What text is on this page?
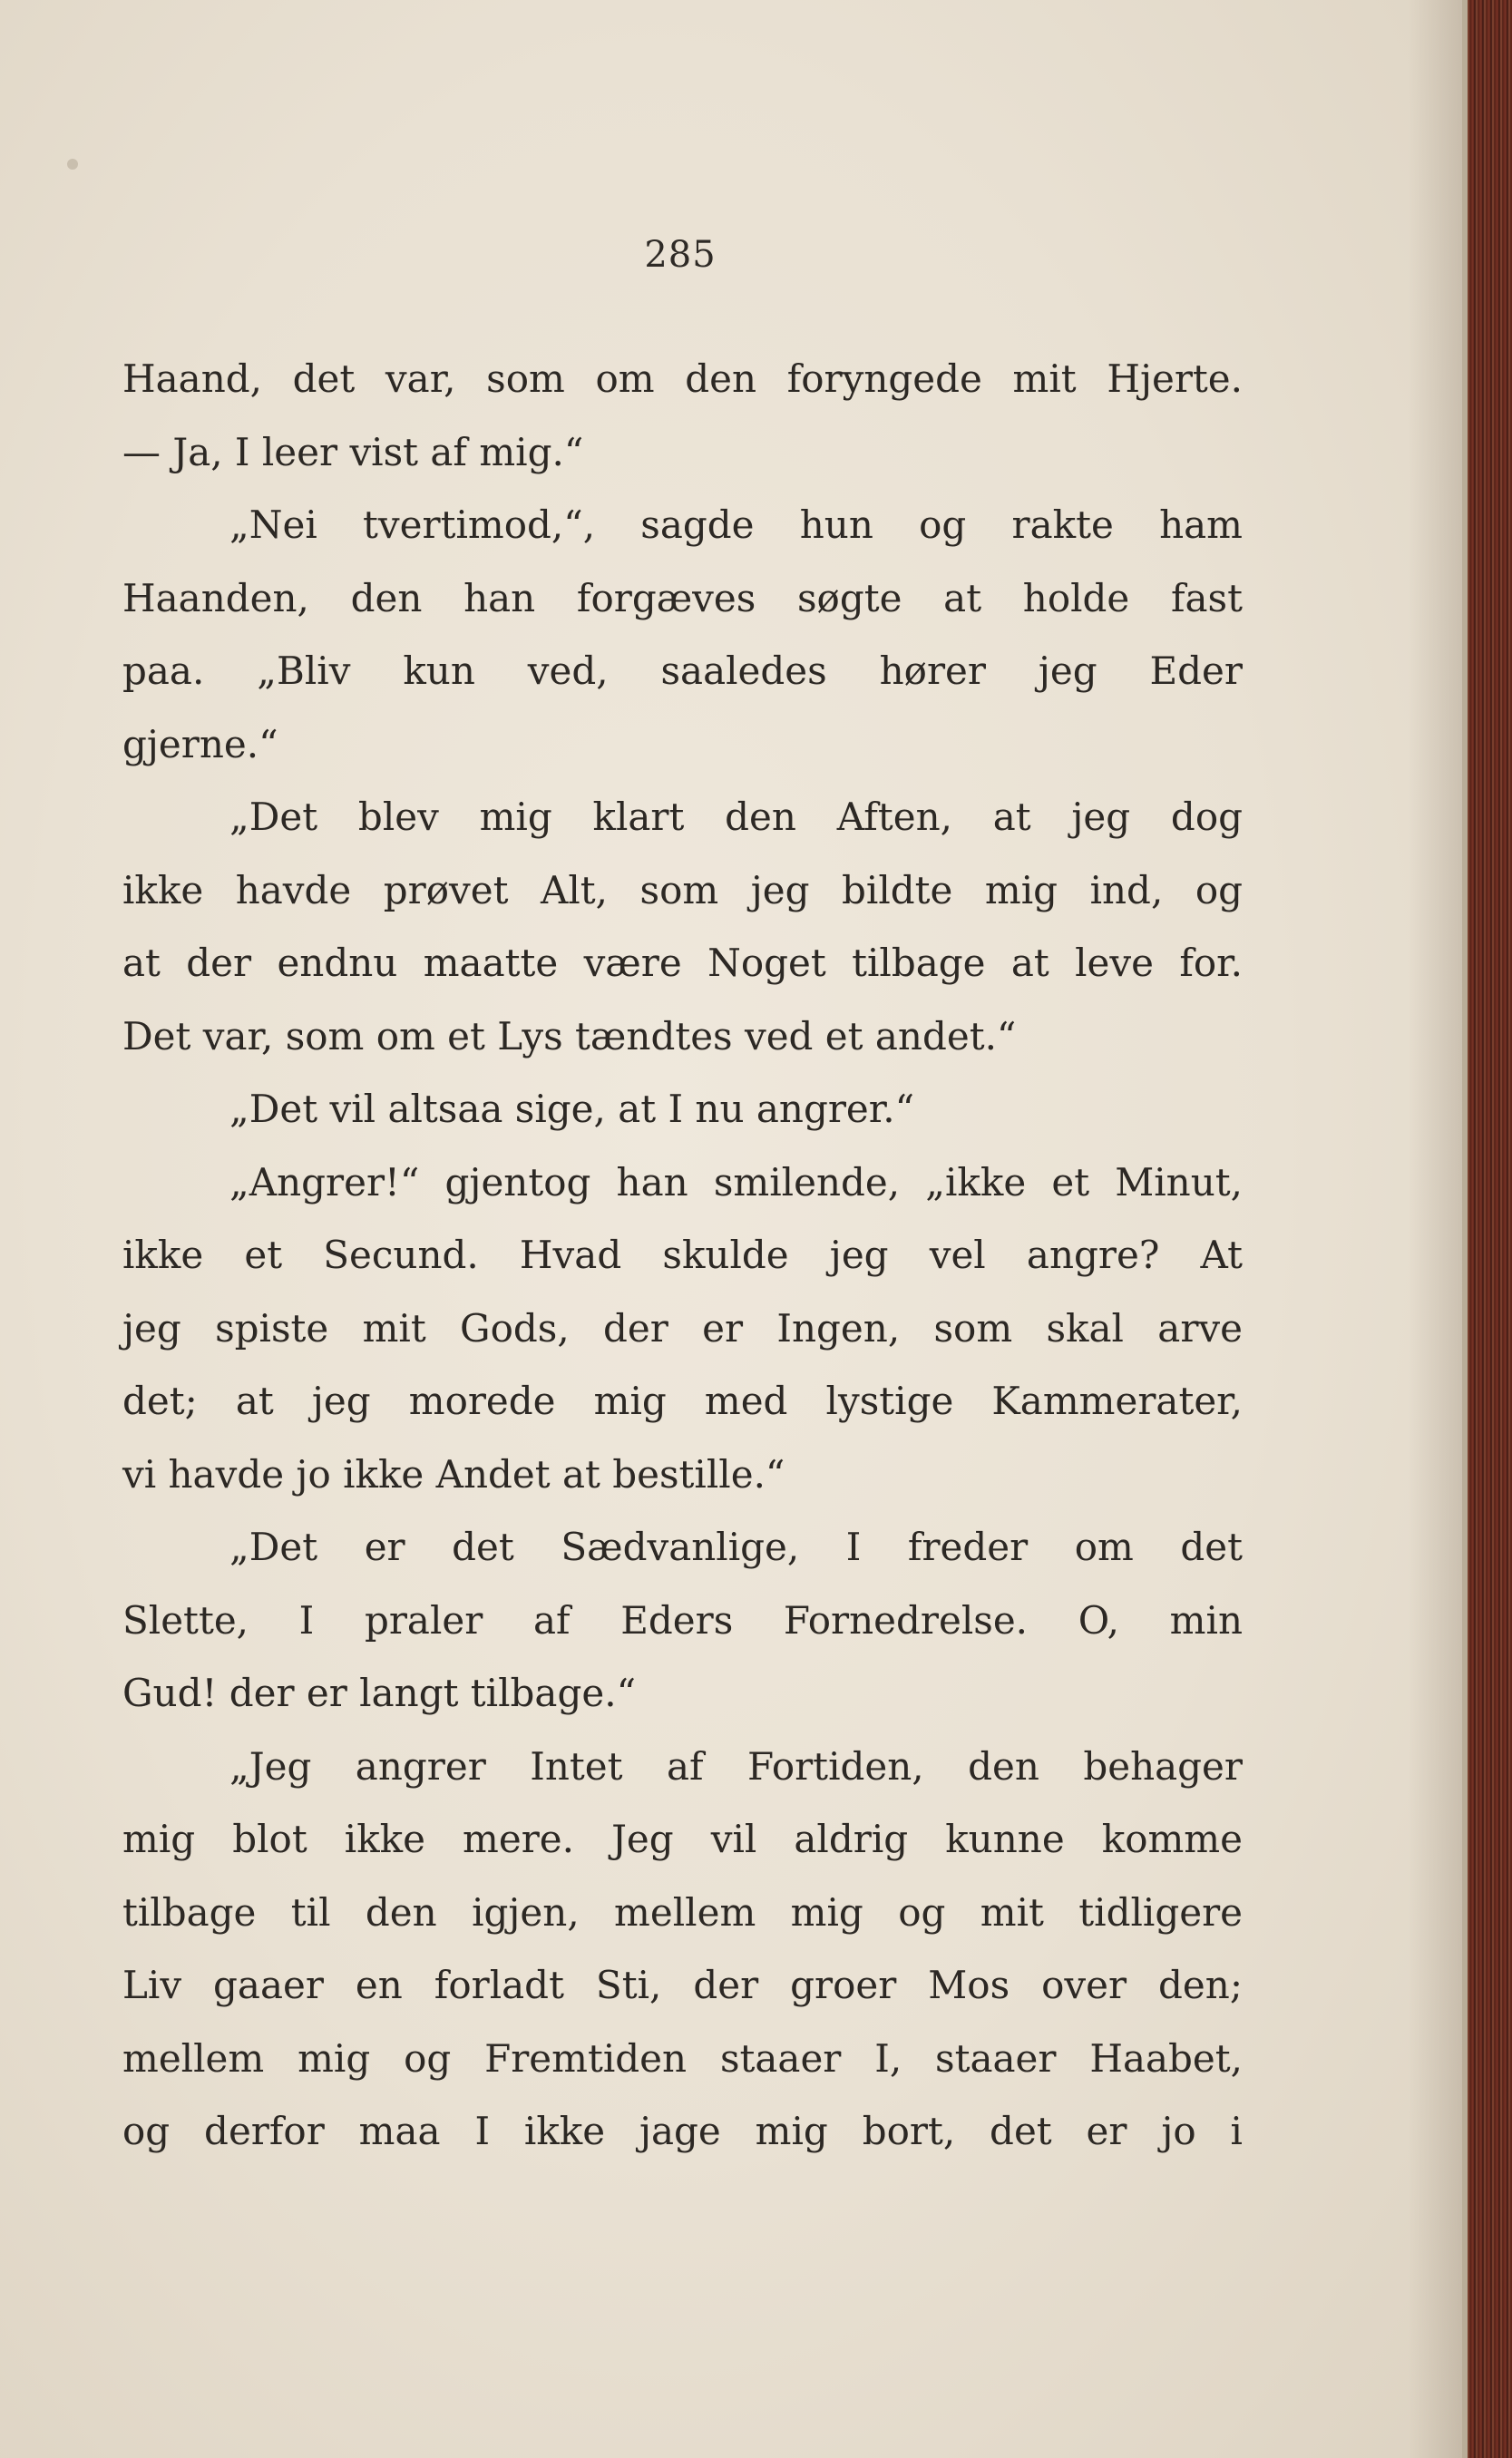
285
Haand, det var, som om den foryngede mit Hjerte.
— Ja, I leer vist af mig.“
„Nei tvertimod,“, sagde hun og rakte ham
Haanden, den han forgæves søgte at holde fast
paa. „Bliv kun ved, saaledes hører jeg Eder
gjerne.“
„Det blev mig klart den Aften, at jeg dog
ikke havde prøvet Alt, som jeg bildte mig ind, og
at der endnu maatte være Noget tilbage at leve for.
Det var, som om et Lys tændtes ved et andet.“
„Det vil altsaa sige, at I nu angrer.“
„Angrer!“ gjentog han smilende, „ikke et Minut,
ikke et Secund. Hvad skulde jeg vel angre? At
jeg spiste mit Gods, der er Ingen, som skal arve
det; at jeg morede mig med lystige Kammerater,
vi havde jo ikke Andet at bestille.“
„Det er det Sædvanlige, I freder om det
Slette, I praler af Eders Fornedrelse. O, min
Gud! der er langt tilbage.“
„Jeg angrer Intet af Fortiden, den behager
mig blot ikke mere. Jeg vil aldrig kunne komme
tilbage til den igjen, mellem mig og mit tidligere
Liv gaaer en forladt Sti, der groer Mos over den;
mellem mig og Fremtiden staaer I, staaer Haabet,
og derfor maa I ikke jage mig bort, det er jo i
